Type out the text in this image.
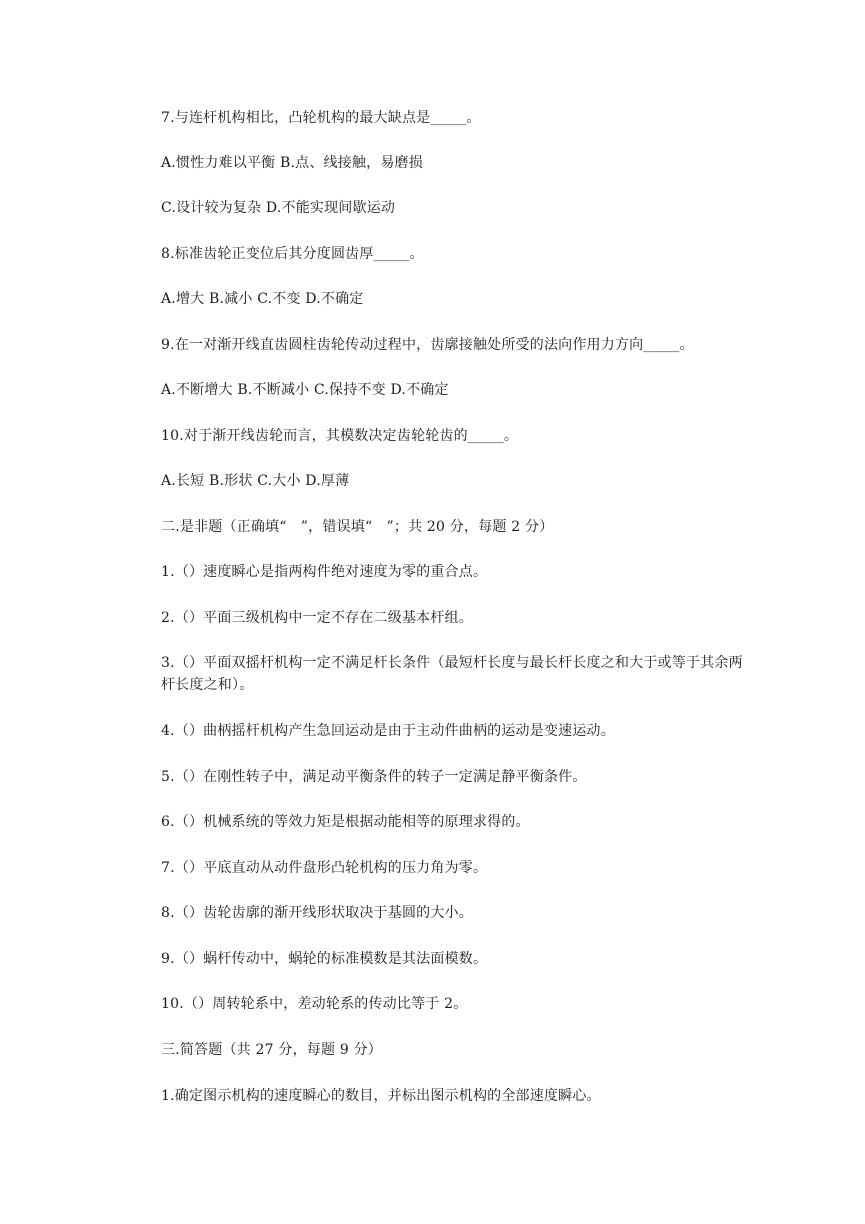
7.与连杆机构相比，凸轮机构的最大缺点是_____。
A.惯性力难以平衡 B.点、线接触，易磨损
C.设计较为复杂 D.不能实现间歇运动
8.标准齿轮正变位后其分度圆齿厚_____。
A.增大 B.减小 C.不变 D.不确定
9.在一对渐开线直齿圆柱齿轮传动过程中，齿廓接触处所受的法向作用力方向_____。
A.不断增大 B.不断减小 C.保持不变 D.不确定
10.对于渐开线齿轮而言，其模数决定齿轮轮齿的_____。
A.长短 B.形状 C.大小 D.厚薄
二.是非题（正确填“　”，错误填“　”；共 20 分，每题 2 分）
1.（）速度瞬心是指两构件绝对速度为零的重合点。
2.（）平面三级机构中一定不存在二级基本杆组。
3.（）平面双摇杆机构一定不满足杆长条件（最短杆长度与最长杆长度之和大于或等于其余两杆长度之和）。
4.（）曲柄摇杆机构产生急回运动是由于主动件曲柄的运动是变速运动。
5.（）在刚性转子中，满足动平衡条件的转子一定满足静平衡条件。
6.（）机械系统的等效力矩是根据动能相等的原理求得的。
7.（）平底直动从动件盘形凸轮机构的压力角为零。
8.（）齿轮齿廓的渐开线形状取决于基圆的大小。
9.（）蜗杆传动中，蜗轮的标准模数是其法面模数。
10.（）周转轮系中，差动轮系的传动比等于 2。
三.简答题（共 27 分，每题 9 分）
1.确定图示机构的速度瞬心的数目，并标出图示机构的全部速度瞬心。
